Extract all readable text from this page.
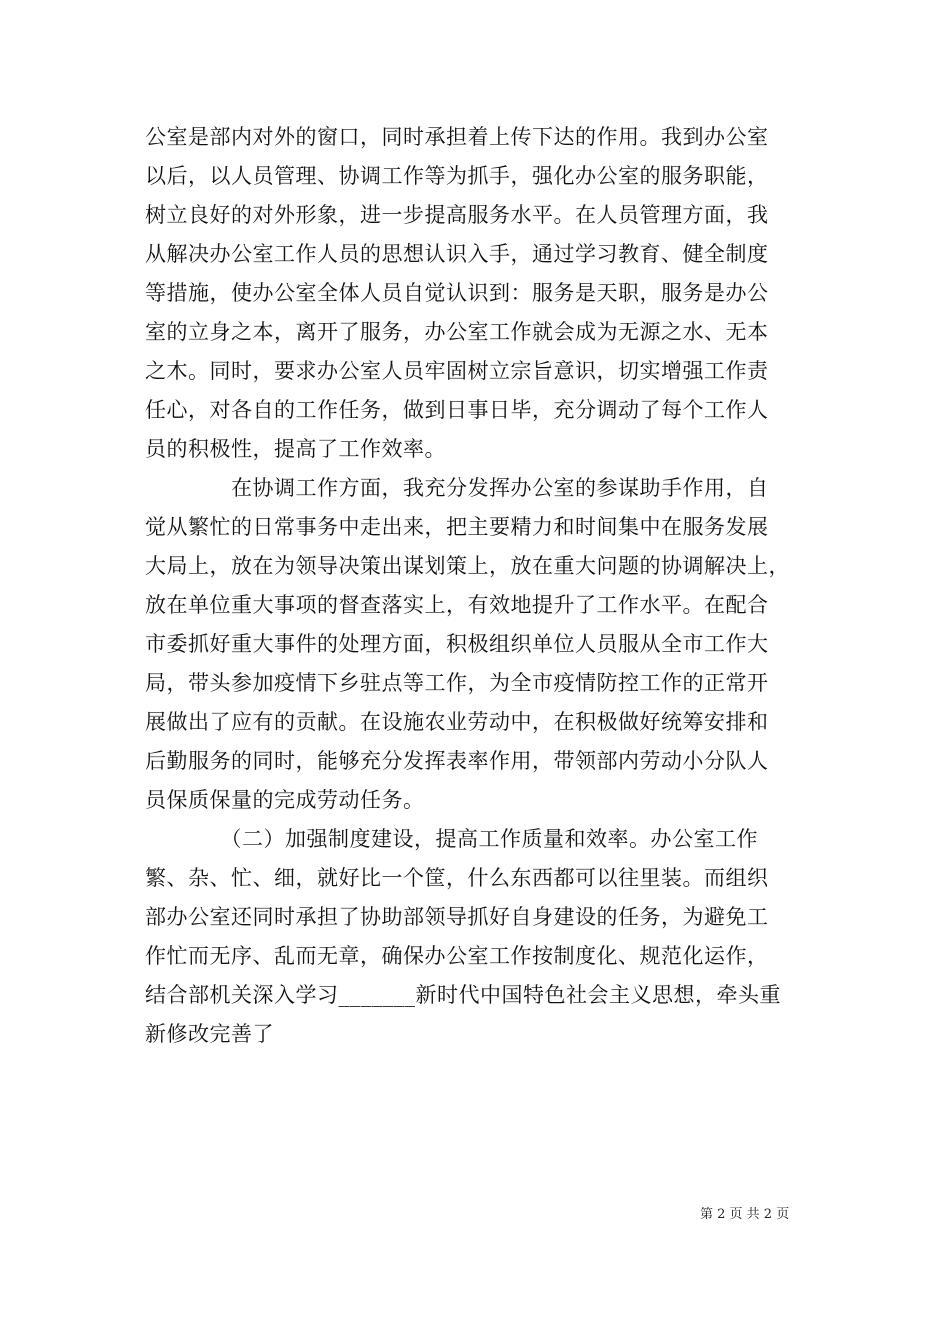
公室是部内对外的窗口，同时承担着上传下达的作用。我到办公室
以后，以人员管理、协调工作等为抓手，强化办公室的服务职能，
树立良好的对外形象，进一步提高服务水平。在人员管理方面，我
从解决办公室工作人员的思想认识入手，通过学习教育、健全制度
等措施，使办公室全体人员自觉认识到：服务是天职，服务是办公
室的立身之本，离开了服务，办公室工作就会成为无源之水、无本
之木。同时，要求办公室人员牢固树立宗旨意识，切实增强工作责
任心，对各自的工作任务，做到日事日毕，充分调动了每个工作人
员的积极性，提高了工作效率。
　　　　在协调工作方面，我充分发挥办公室的参谋助手作用，自
觉从繁忙的日常事务中走出来，把主要精力和时间集中在服务发展
大局上，放在为领导决策出谋划策上，放在重大问题的协调解决上，
放在单位重大事项的督查落实上，有效地提升了工作水平。在配合
市委抓好重大事件的处理方面，积极组织单位人员服从全市工作大
局，带头参加疫情下乡驻点等工作，为全市疫情防控工作的正常开
展做出了应有的贡献。在设施农业劳动中，在积极做好统筹安排和
后勤服务的同时，能够充分发挥表率作用，带领部内劳动小分队人
员保质保量的完成劳动任务。
　　　　（二）加强制度建设，提高工作质量和效率。办公室工作
繁、杂、忙、细，就好比一个筐，什么东西都可以往里装。而组织
部办公室还同时承担了协助部领导抓好自身建设的任务，为避免工
作忙而无序、乱而无章，确保办公室工作按制度化、规范化运作，
结合部机关深入学习_______新时代中国特色社会主义思想，牵头重
新修改完善了
第 2 页 共 2 页
